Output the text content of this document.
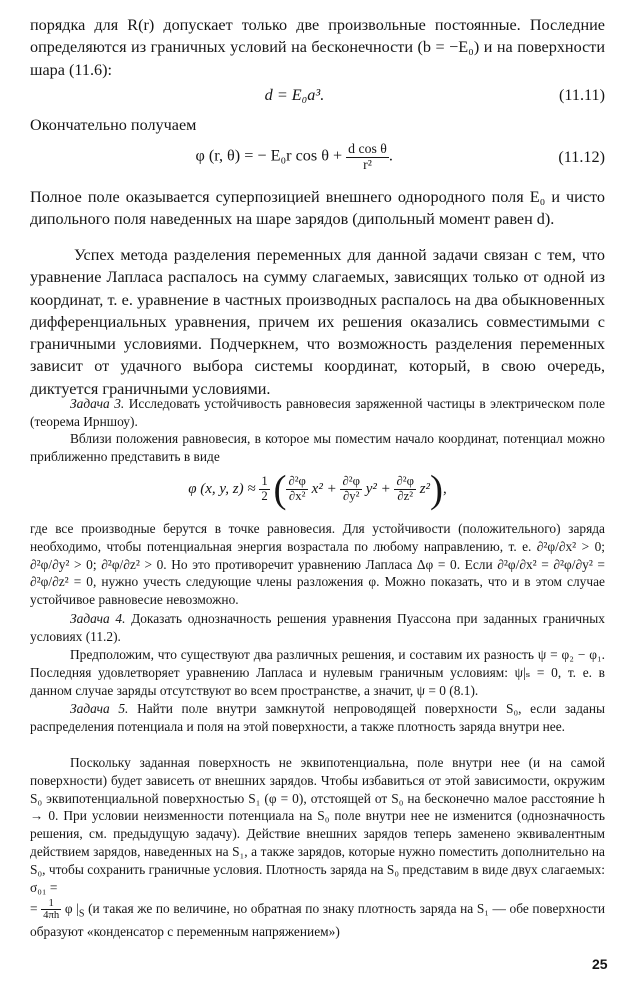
порядка для R(r) допускает только две произвольные постоянные. Последние определяются из граничных условий на бесконечности (b = −E₀) и на поверхности шара (11.6):

d = E₀a³.	(11.11)

Окончательно получаем

φ (r, θ) = − E₀r $\cos \theta + \frac{\text{d cos θ}}{\text{r²}}$ .	(11.12)

Полное поле оказывается суперпозицией внешнего однородного поля E₀ и чисто дипольного поля наведенных на шаре зарядов (дипольный момент равен d).

Успех метода разделения переменных для данной задачи связан с тем, что уравнение Лапласа распалось на сумму слагаемых, зависящих только от одной из координат, т. е. уравнение в частных производных распалось на два обыкновенных дифференциальных уравнения, причем их решения оказались совместимыми с граничными условиями. Подчеркнем, что возможность разделения переменных зависит от удачного выбора системы координат, который, в свою очередь, диктуется граничными условиями.

Задача 3. Исследовать устойчивость равновесия заряженной частицы в электрическом поле (теорема Ирншоу).

Вблизи положения равновесия, в которое мы поместим начало координат, потенциал можно приближенно представить в виде

φ (x, y, $z) \approx \frac{1}{2}$ ( $\frac{\text{∂²φ}}{\text{∂x²}} x^2 + \frac{\text{∂²φ}}{\text{∂y²}} y^2 + \frac{\text{∂²φ}}{\text{∂z²}} z^2$),

где все производные берутся в точке равновесия. Для устойчивости (положительного) заряда необходимо, чтобы потенциальная энергия возрастала по любому направлению, т. е. ∂²φ/∂x² > 0; ∂²φ/∂y² > 0; ∂²φ/∂z² > 0. Но это противоречит уравнению Лапласа Δφ = 0. Если ∂²φ/∂x² = ∂²φ/∂y² = ∂²φ/∂z² = 0, нужно учесть следующие члены разложения φ. Можно показать, что и в этом случае устойчивое равновесие невозможно.

Задача 4. Доказать однозначность решения уравнения Пуассона при заданных граничных условиях (11.2).

Предположим, что существуют два различных решения, и составим их разность ψ = φ₂ − φ₁. Последняя удовлетворяет уравнению Лапласа и нулевым граничным условиям: ψ|ₛ = 0, т. е. в данном случае заряды отсутствуют во всем пространстве, а значит, ψ = 0 (8.1).

Задача 5. Найти поле внутри замкнутой непроводящей поверхности S₀, если заданы распределения потенциала и поля на этой поверхности, а также плотность заряда внутри нее.

Поскольку заданная поверхность не эквипотенциальна, поле внутри нее (и на самой поверхности) будет зависеть от внешних зарядов. Чтобы избавиться от этой зависимости, окружим S₀ эквипотенциальной поверхностью S₁ (φ = 0), отстоящей от S₀ на бесконечно малое расстояние h → 0. При условии неизменности потенциала на S₀ поле внутри нее не изменится (однозначность решения, см. предыдущую задачу). Действие внешних зарядов теперь заменено эквивалентным действием зарядов, наведенных на S₁, а также зарядов, которые нужно поместить дополнительно на S₀, чтобы сохранить граничные условия. Плотность заряда на S₀ представим в виде двух слагаемых: σ₀₁ =

= $\frac{1}{4\pi h}$ φ $|_S$ (и такая же по величине, но обратная по знаку плотность заряда на S₁ — обе поверхности образуют «конденсатор с переменным напряжением»)

25
